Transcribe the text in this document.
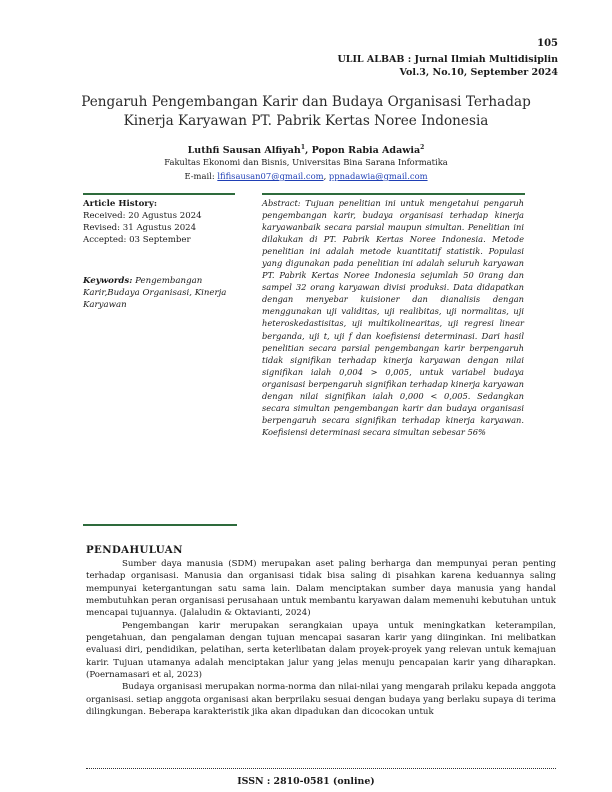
105
ULIL ALBAB : Jurnal Ilmiah Multidisiplin
Vol.3, No.10, September 2024
Pengaruh Pengembangan Karir dan Budaya Organisasi Terhadap Kinerja Karyawan PT. Pabrik Kertas Noree Indonesia
Luthfi Sausan Alfiyah$^1$, Popon Rabia Adawia$^2$
Fakultas Ekonomi dan Bisnis, Universitas Bina Sarana Informatika
E-mail: lfifisausan07@gmail.com, ppnadawia@gmail.com
Article History:
Received: 20 Agustus 2024
Revised: 31 Agustus 2024
Accepted: 03 September
Keywords: Pengembangan Karir,Budaya Organisasi, Kinerja Karyawan
Abstract: Tujuan penelitian ini untuk mengetahui pengaruh pengembangan karir, budaya organisasi terhadap kinerja karyawanbaik secara parsial maupun simultan. Penelitian ini dilakukan di PT. Pabrik Kertas Noree Indonesia. Metode penelitian ini adalah metode kuantitatif statistik. Populasi yang digunakan pada penelitian ini adalah seluruh karyawan PT. Pabrik Kertas Noree Indonesia sejumlah 50 0rang dan sampel 32 orang karyawan divisi produksi. Data didapatkan dengan menyebar kuisioner dan dianalisis dengan menggunakan uji validitas, uji realibitas, uji normalitas, uji heteroskedastisitas, uji multikolinearitas, uji regresi linear berganda, uji t, uji f dan koefisiensi determinasi. Dari hasil penelitian secara parsial pengembangan karir berpengaruh tidak signifikan terhadap kinerja karyawan dengan nilai signifikan ialah 0,004 > 0,005, untuk variabel budaya organisasi berpengaruh signifikan terhadap kinerja karyawan dengan nilai signifikan ialah 0,000 < 0,005. Sedangkan secara simultan pengembangan karir dan budaya organisasi berpengaruh secara signifikan terhadap kinerja karyawan. Koefisiensi determinasi secara simultan sebesar 56%
PENDAHULUAN

Sumber daya manusia (SDM) merupakan aset paling berharga dan mempunyai peran penting terhadap organisasi. Manusia dan organisasi tidak bisa saling di pisahkan karena keduannya saling mempunyai ketergantungan satu sama lain. Dalam menciptakan sumber daya manusia yang handal membutuhkan peran organisasi perusahaan untuk membantu karyawan dalam memenuhi kebutuhan untuk mencapai tujuannya. (Jalaludin & Oktavianti, 2024)

Pengembangan karir merupakan serangkaian upaya untuk meningkatkan keterampilan, pengetahuan, dan pengalaman dengan tujuan mencapai sasaran karir yang diinginkan. Ini melibatkan evaluasi diri, pendidikan, pelatihan, serta keterlibatan dalam proyek-proyek yang relevan untuk kemajuan karir. Tujuan utamanya adalah menciptakan jalur yang jelas menuju pencapaian karir yang diharapkan.(Poernamasari et al, 2023)

Budaya organisasi merupakan norma-norma dan nilai-nilai yang mengarah prilaku kepada anggota organisasi. setiap anggota organisasi akan berprilaku sesuai dengan budaya yang berlaku supaya di terima dilingkungan. Beberapa karakteristik jika akan dipadukan dan dicocokan untuk

ISSN : 2810-0581 (online)
